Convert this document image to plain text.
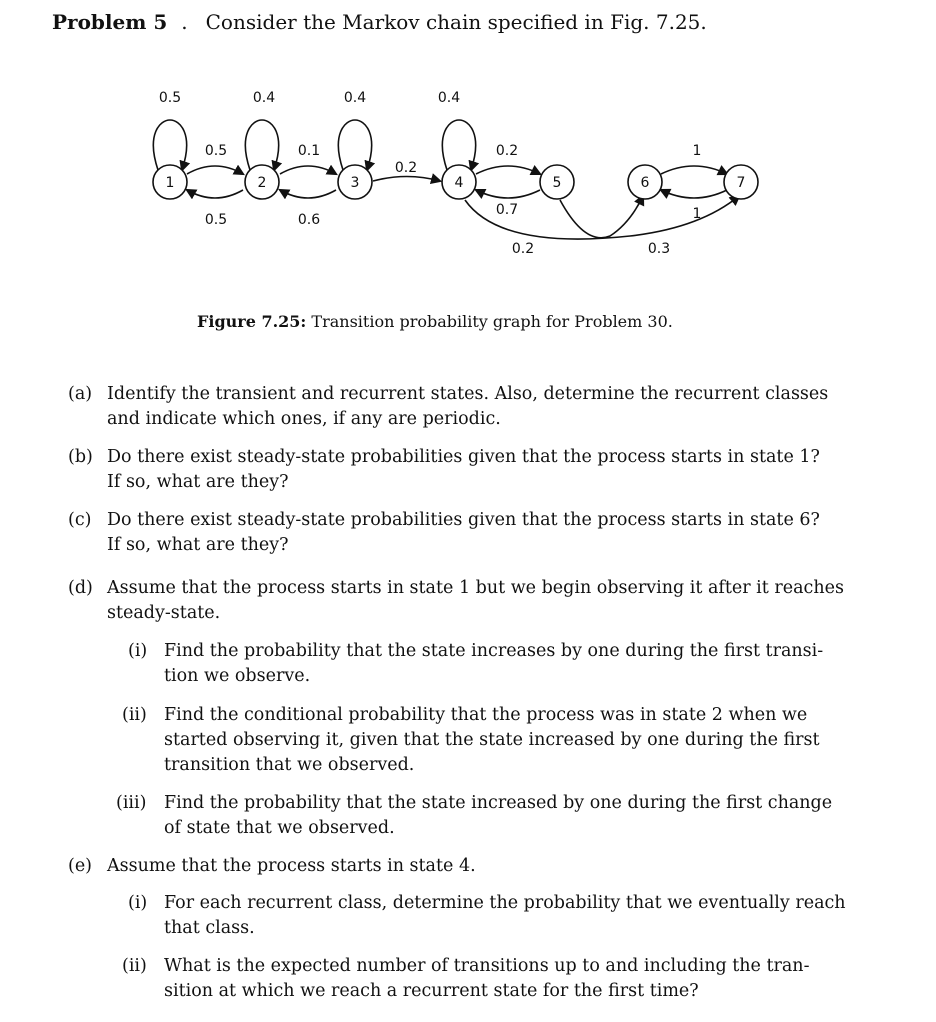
Problem 5 . Consider the Markov chain specified in Fig. 7.25.
1	2	3	4	5	6	7
0.5	0.4	0.4	0.4
0.5
0.5
0.1
0.6
0.2
0.2
0.7
0.2	0.3
1
1
Figure 7.25: Transition probability graph for Problem 30.
(a) Identify the transient and recurrent states. Also, determine the recurrent classes
and indicate which ones, if any are periodic.
(b) Do there exist steady-state probabilities given that the process starts in state 1?
If so, what are they?
(c) Do there exist steady-state probabilities given that the process starts in state 6?
If so, what are they?
(d) Assume that the process starts in state 1 but we begin observing it after it reaches
steady-state.
(i) Find the probability that the state increases by one during the first transi-
tion we observe.
(ii) Find the conditional probability that the process was in state 2 when we
started observing it, given that the state increased by one during the first
transition that we observed.
(iii) Find the probability that the state increased by one during the first change
of state that we observed.
(e) Assume that the process starts in state 4.
(i) For each recurrent class, determine the probability that we eventually reach
that class.
(ii) What is the expected number of transitions up to and including the tran-
sition at which we reach a recurrent state for the first time?
